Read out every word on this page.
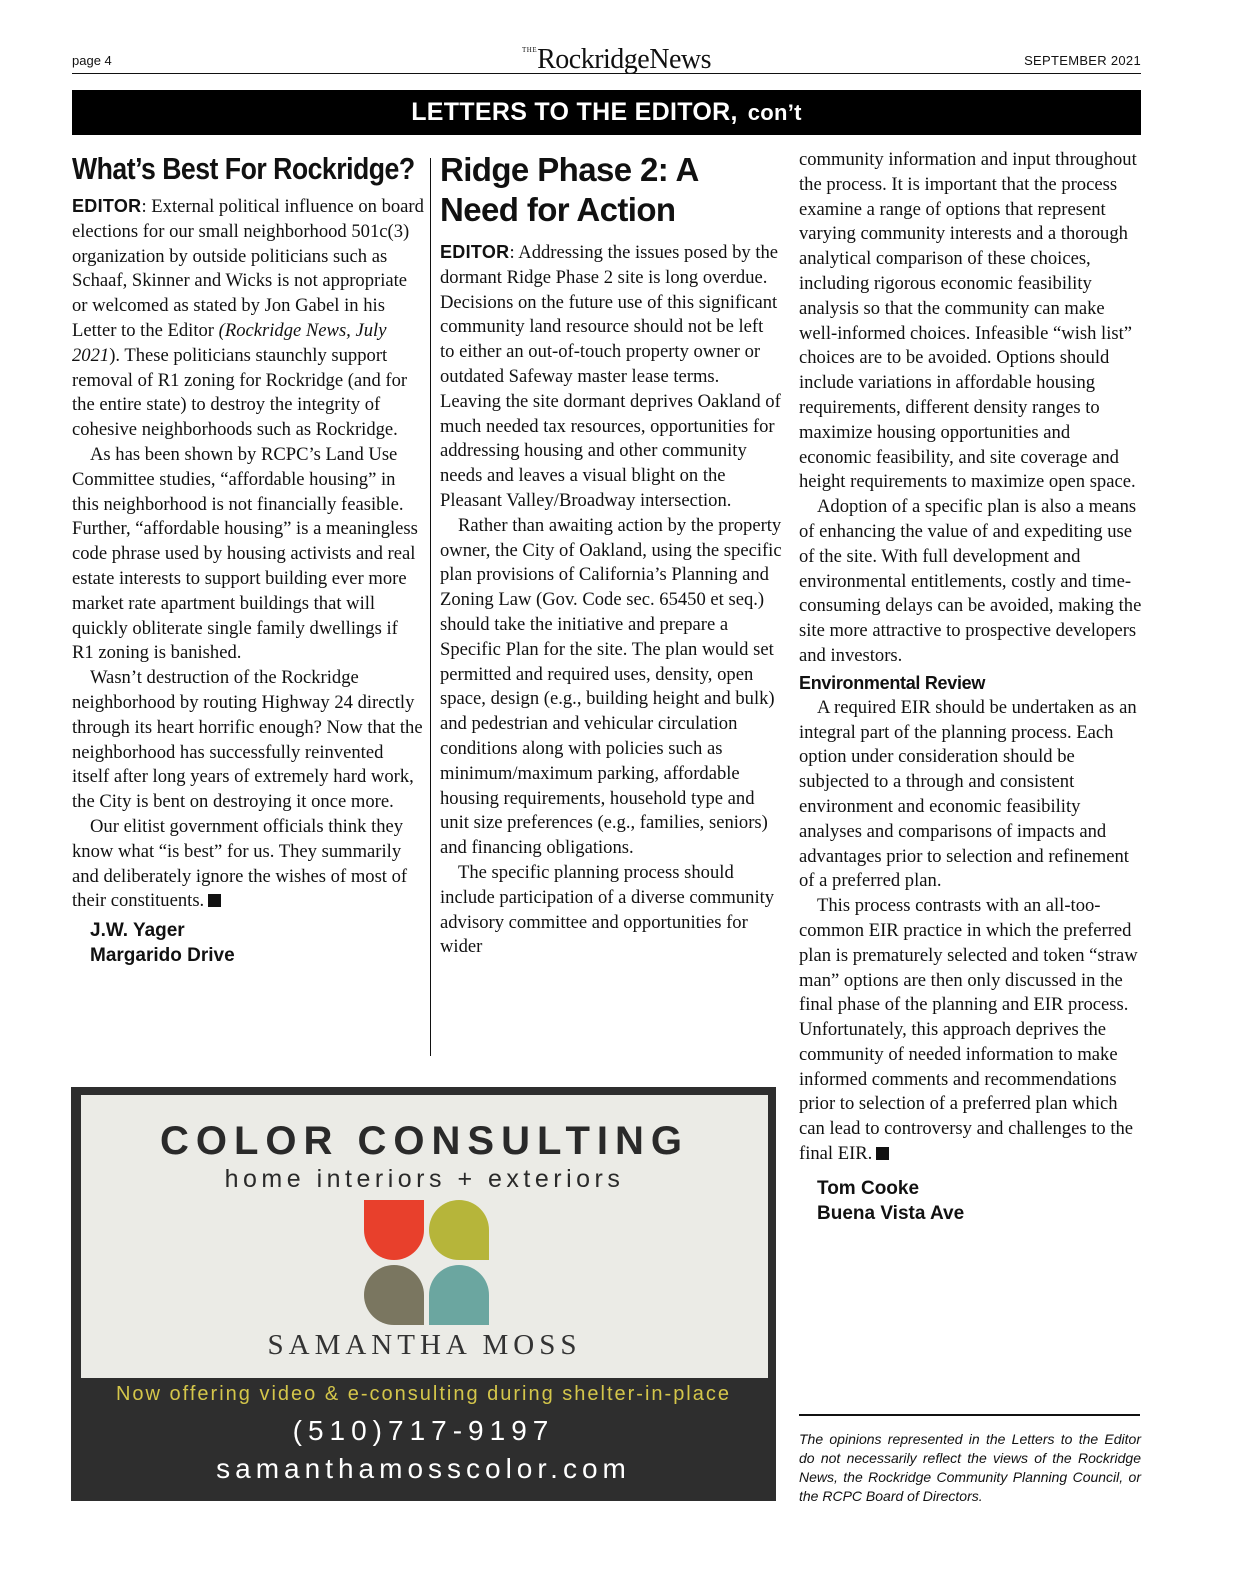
page 4
$^{THE}$RockridgeNews	SEPTEMBER 2021
LETTERS TO THE EDITOR, con’t
What’s Best For Rockridge?

EDITOR: External political influence on board elections for our small neighborhood 501c(3) organization by outside politicians such as Schaaf, Skinner and Wicks is not appropriate or welcomed as stated by Jon Gabel in his Letter to the Editor (Rockridge News, July 2021). These politicians staunchly support removal of R1 zoning for Rockridge (and for the entire state) to destroy the integrity of cohesive neighborhoods such as Rockridge.

As has been shown by RCPC’s Land Use Committee studies, “affordable housing” in this neighborhood is not financially feasible. Further, “affordable housing” is a meaningless code phrase used by housing activists and real estate interests to support building ever more market rate apartment buildings that will quickly obliterate single family dwellings if R1 zoning is banished.

Wasn’t destruction of the Rockridge neighborhood by routing Highway 24 directly through its heart horrific enough? Now that the neighborhood has successfully reinvented itself after long years of extremely hard work, the City is bent on destroying it once more.

Our elitist government officials think they know what “is best” for us. They summarily and deliberately ignore the wishes of most of their constituents.

J.W. Yager
Margarido Drive
Ridge Phase 2: A Need for Action

EDITOR: Addressing the issues posed by the dormant Ridge Phase 2 site is long overdue. Decisions on the future use of this significant community land resource should not be left to either an out-of-touch property owner or outdated Safeway master lease terms. Leaving the site dormant deprives Oakland of much needed tax resources, opportunities for addressing housing and other community needs and leaves a visual blight on the Pleasant Valley/Broadway intersection.

Rather than awaiting action by the property owner, the City of Oakland, using the specific plan provisions of California’s Planning and Zoning Law (Gov. Code sec. 65450 et seq.) should take the initiative and prepare a Specific Plan for the site. The plan would set permitted and required uses, density, open space, design (e.g., building height and bulk) and pedestrian and vehicular circulation conditions along with policies such as minimum/maximum parking, affordable housing requirements, household type and unit size preferences (e.g., families, seniors) and financing obligations.

The specific planning process should include participation of a diverse community advisory committee and opportunities for wider

community information and input throughout the process. It is important that the process examine a range of options that represent varying community interests and a thorough analytical comparison of these choices, including rigorous economic feasibility analysis so that the community can make well-informed choices. Infeasible “wish list” choices are to be avoided. Options should include variations in affordable housing requirements, different density ranges to maximize housing opportunities and economic feasibility, and site coverage and height requirements to maximize open space.

Adoption of a specific plan is also a means of enhancing the value of and expediting use of the site. With full development and environmental entitlements, costly and time-consuming delays can be avoided, making the site more attractive to prospective developers and investors.

Environmental Review

A required EIR should be undertaken as an integral part of the planning process. Each option under consideration should be subjected to a through and consistent environment and economic feasibility analyses and comparisons of impacts and advantages prior to selection and refinement of a preferred plan.

This process contrasts with an all-too-common EIR practice in which the preferred plan is prematurely selected and token “straw man” options are then only discussed in the final phase of the planning and EIR process. Unfortunately, this approach deprives the community of needed information to make informed comments and recommendations prior to selection of a preferred plan which can lead to controversy and challenges to the final EIR.

Tom Cooke
Buena Vista Ave
The opinions represented in the Letters to the Editor do not necessarily reflect the views of the Rockridge News, the Rockridge Community Planning Council, or the RCPC Board of Directors.
COLOR CONSULTING
home interiors + exteriors
SAMANTHA MOSS
Now offering video & e-consulting during shelter-in-place
(510)717-9197
samanthamosscolor.com
